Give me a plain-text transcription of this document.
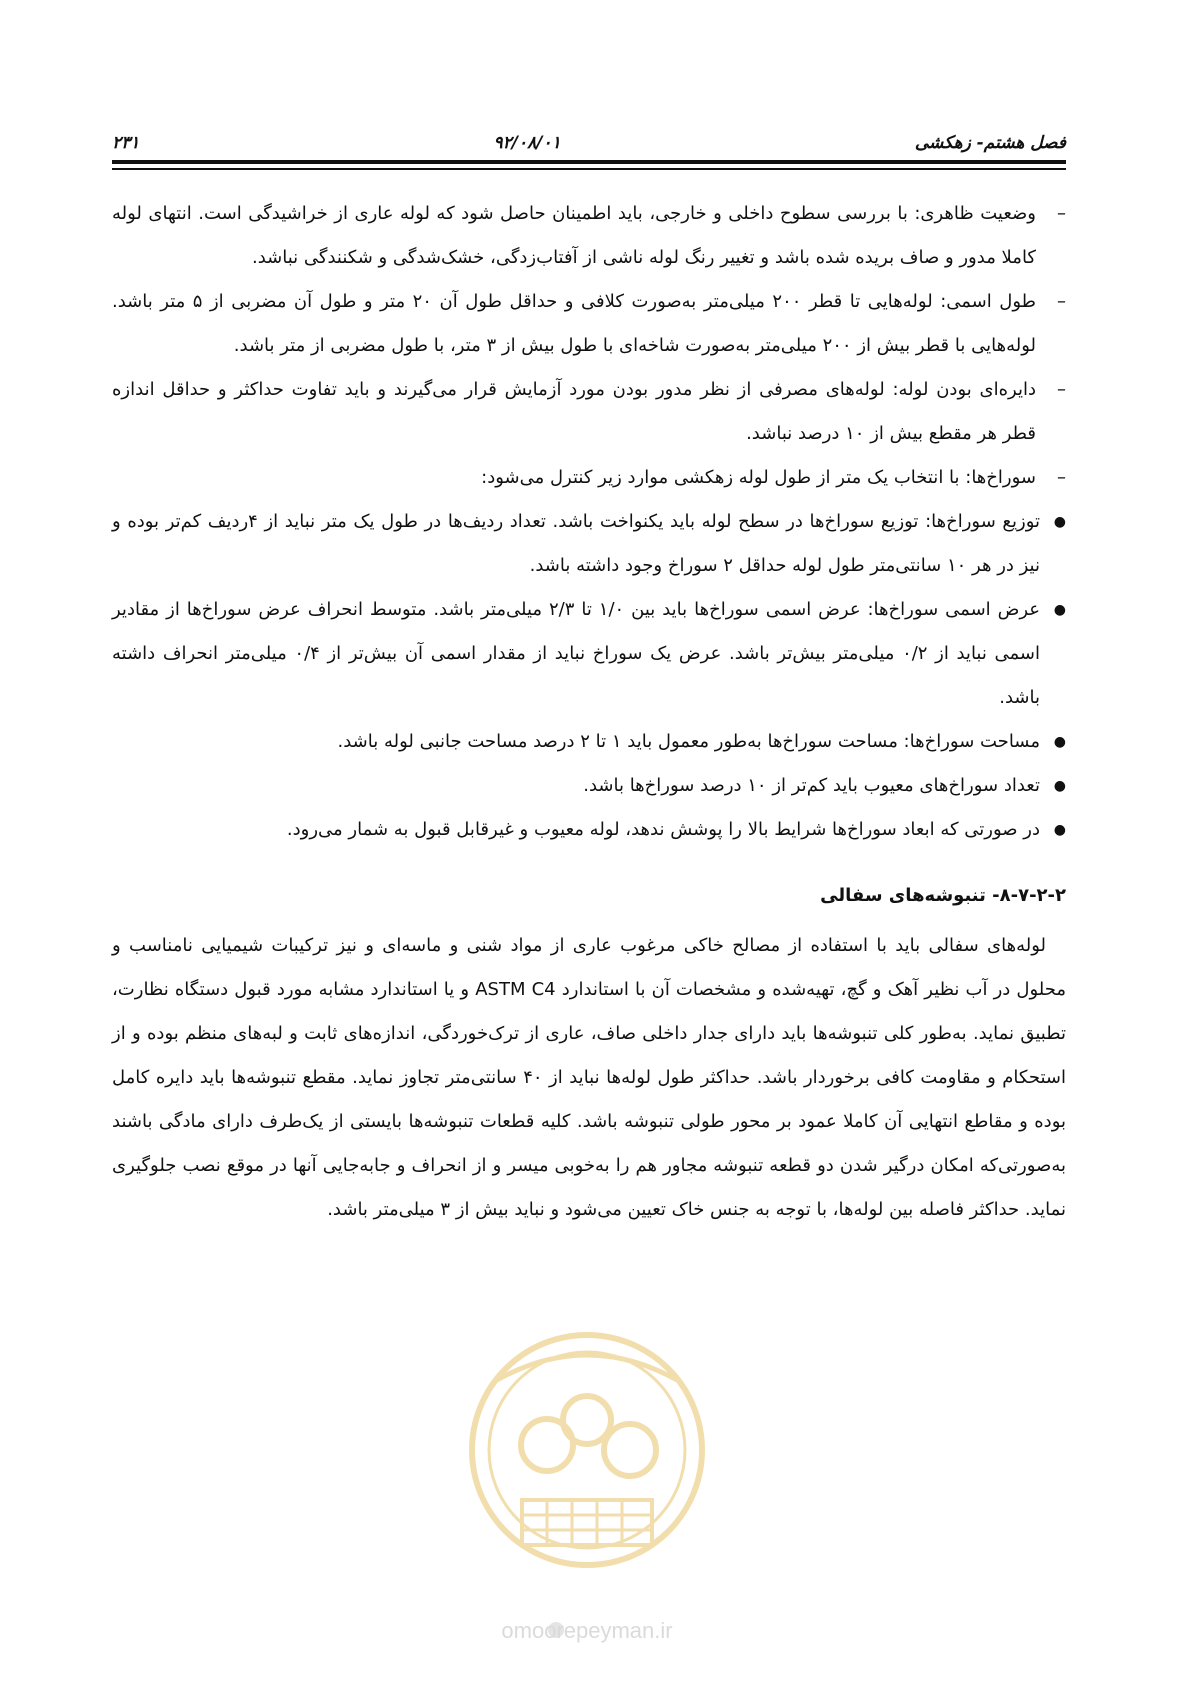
۲۳۱	۹۲/۰۸/۰۱	فصل هشتم- زهکشی
–

وضعیت ظاهری: با بررسی سطوح داخلی و خارجی، باید اطمینان حاصل شود که لوله عاری از خراشیدگی است. انتهای لوله کاملا مدور و صاف بریده شده باشد و تغییر رنگ لوله ناشی از آفتاب‌زدگی، خشک‌شدگی و شکنندگی نباشد.

–

طول اسمی: لوله‌هایی تا قطر ۲۰۰ میلی‌متر به‌صورت کلافی و حداقل طول آن ۲۰ متر و طول آن مضربی از ۵ متر باشد. لوله‌هایی با قطر بیش از ۲۰۰ میلی‌متر به‌صورت شاخه‌ای با طول بیش از ۳ متر، با طول مضربی از متر باشد.

–

دایره‌ای بودن لوله: لوله‌های مصرفی از نظر مدور بودن مورد آزمایش قرار می‌گیرند و باید تفاوت حداکثر و حداقل اندازه قطر هر مقطع بیش از ۱۰ درصد نباشد.

–

سوراخ‌ها: با انتخاب یک متر از طول لوله زهکشی موارد زیر کنترل می‌شود:

●

توزیع سوراخ‌ها: توزیع سوراخ‌ها در سطح لوله باید یکنواخت باشد. تعداد ردیف‌ها در طول یک متر نباید از ۴ردیف کم‌تر بوده و نیز در هر ۱۰ سانتی‌متر طول لوله حداقل ۲ سوراخ وجود داشته باشد.

●

عرض اسمی سوراخ‌ها: عرض اسمی سوراخ‌ها باید بین ۱/۰ تا ۲/۳ میلی‌متر باشد. متوسط انحراف عرض سوراخ‌ها از مقادیر اسمی نباید از ۰/۲ میلی‌متر بیش‌تر باشد. عرض یک سوراخ نباید از مقدار اسمی آن بیش‌تر از ۰/۴ میلی‌متر انحراف داشته باشد.

●

مساحت سوراخ‌ها: مساحت سوراخ‌ها به‌طور معمول باید ۱ تا ۲ درصد مساحت جانبی لوله باشد.

●

تعداد سوراخ‌های معیوب باید کم‌تر از ۱۰ درصد سوراخ‌ها باشد.

●

در صورتی که ابعاد سوراخ‌ها شرایط بالا را پوشش ندهد، لوله معیوب و غیرقابل قبول به شمار می‌رود.

۸-۷-۲-۲- تنبوشه‌های سفالی

لوله‌های سفالی باید با استفاده از مصالح خاکی مرغوب عاری از مواد شنی و ماسه‌ای و نیز ترکیبات شیمیایی نامناسب و محلول در آب نظیر آهک و گچ، تهیه‌شده و مشخصات آن با استاندارد ASTM C4 و یا استاندارد مشابه مورد قبول دستگاه نظارت، تطبیق نماید. به‌طور کلی تنبوشه‌ها باید دارای جدار داخلی صاف، عاری از ترک‌خوردگی، اندازه‌های ثابت و لبه‌های منظم بوده و از استحکام و مقاومت کافی برخوردار باشد. حداکثر طول لوله‌ها نباید از ۴۰ سانتی‌متر تجاوز نماید. مقطع تنبوشه‌ها باید دایره کامل بوده و مقاطع انتهایی آن کاملا عمود بر محور طولی تنبوشه باشد. کلیه قطعات تنبوشه‌ها بایستی از یک‌طرف دارای مادگی باشند به‌صورتی‌که امکان درگیر شدن دو قطعه تنبوشه مجاور هم را به‌خوبی میسر و از انحراف و جابه‌جایی آنها در موقع نصب جلوگیری نماید. حداکثر فاصله بین لوله‌ها، با توجه به جنس خاک تعیین می‌شود و نباید بیش از ۳ میلی‌متر باشد.

omoorepeyman.ir
